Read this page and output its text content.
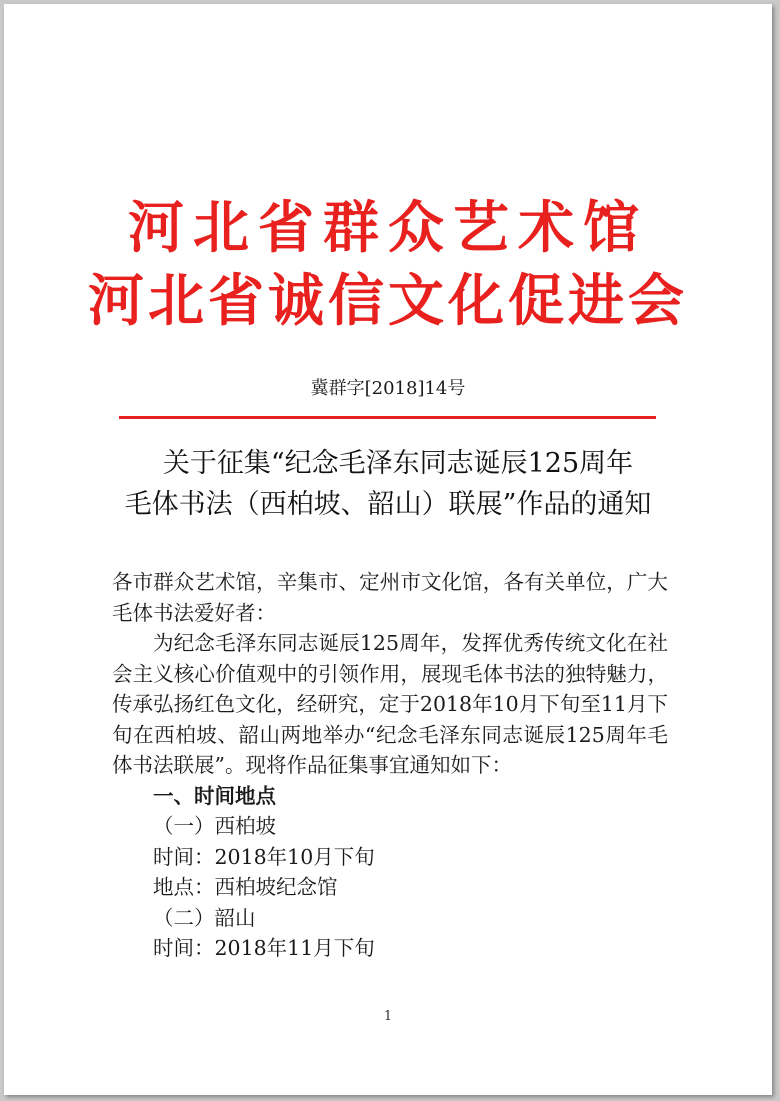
河北省群众艺术馆
河北省诚信文化促进会
冀群字[2018]14号
关于征集“纪念毛泽东同志诞辰125周年
毛体书法（西柏坡、韶山）联展”作品的通知

各市群众艺术馆，辛集市、定州市文化馆，各有关单位，广大毛体书法爱好者：

为纪念毛泽东同志诞辰125周年，发挥优秀传统文化在社会主义核心价值观中的引领作用，展现毛体书法的独特魅力，传承弘扬红色文化，经研究，定于2018年10月下旬至11月下旬在西柏坡、韶山两地举办“纪念毛泽东同志诞辰125周年毛体书法联展”。现将作品征集事宜通知如下：

一、时间地点

（一）西柏坡

时间：2018年10月下旬

地点：西柏坡纪念馆

（二）韶山

时间：2018年11月下旬

1
